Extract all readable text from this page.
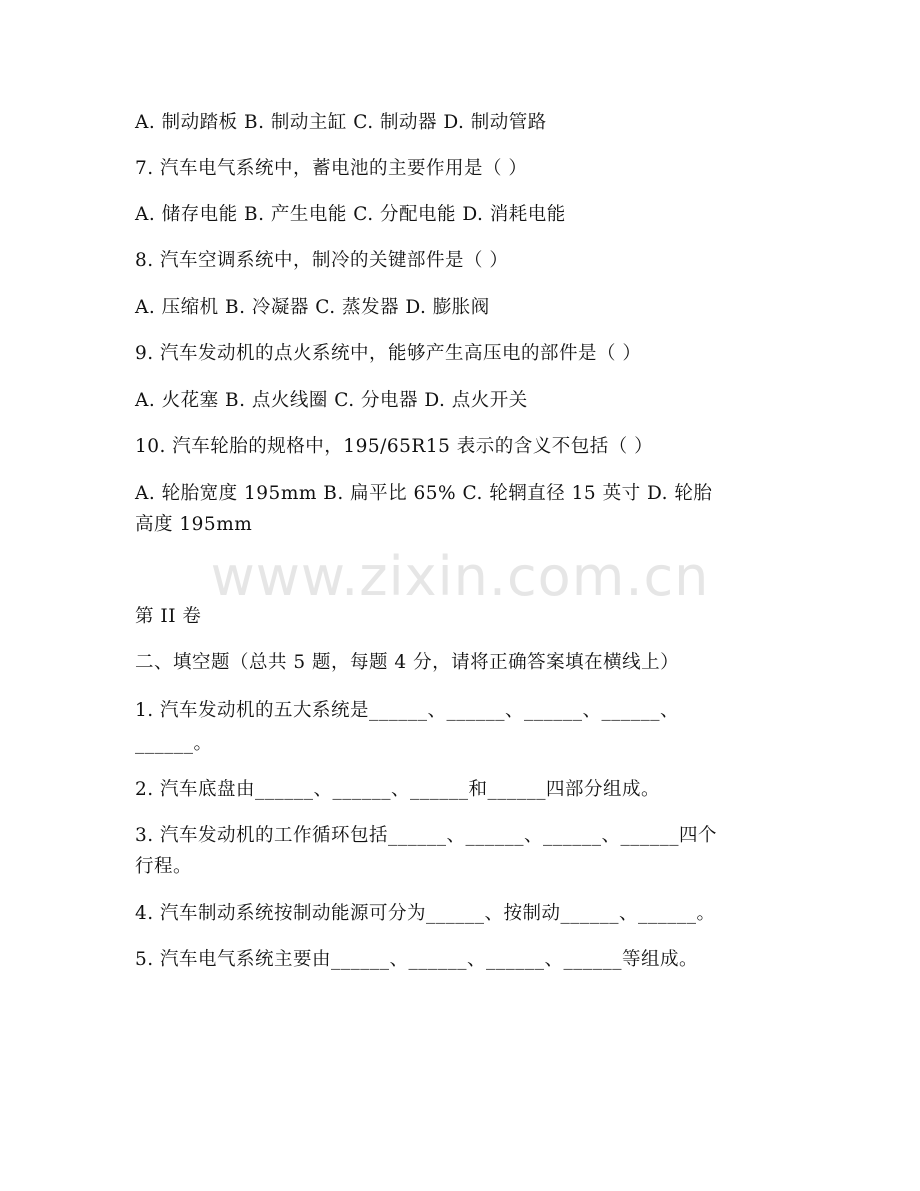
A. 制动踏板 B. 制动主缸 C. 制动器 D. 制动管路
7. 汽车电气系统中，蓄电池的主要作用是（ ）
A. 储存电能 B. 产生电能 C. 分配电能 D. 消耗电能
8. 汽车空调系统中，制冷的关键部件是（ ）
A. 压缩机 B. 冷凝器 C. 蒸发器 D. 膨胀阀
9. 汽车发动机的点火系统中，能够产生高压电的部件是（ ）
A. 火花塞 B. 点火线圈 C. 分电器 D. 点火开关
10. 汽车轮胎的规格中，195/65R15 表示的含义不包括（ ）
A. 轮胎宽度 195mm B. 扁平比 65% C. 轮辋直径 15 英寸 D. 轮胎
高度 195mm
www.zixin.com.cn
第 II 卷
二、填空题（总共 5 题，每题 4 分，请将正确答案填在横线上）
1. 汽车发动机的五大系统是______、______、______、______、
______。
2. 汽车底盘由______、______、______和______四部分组成。
3. 汽车发动机的工作循环包括______、______、______、______四个
行程。
4. 汽车制动系统按制动能源可分为______、按制动______、______。
5. 汽车电气系统主要由______、______、______、______等组成。
